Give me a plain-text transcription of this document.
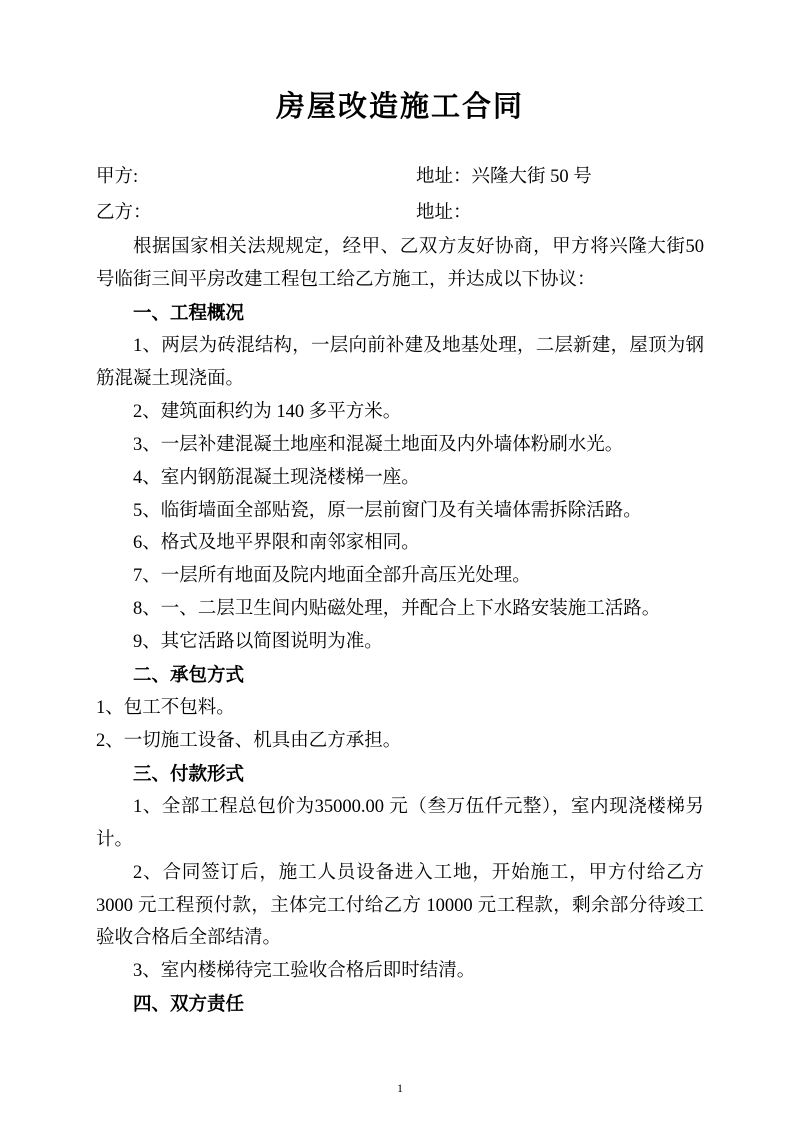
房屋改造施工合同
甲方:	地址：兴隆大街 50 号
乙方：	地址：

根据国家相关法规规定，经甲、乙双方友好协商，甲方将兴隆大街50号临街三间平房改建工程包工给乙方施工，并达成以下协议：

一、工程概况

1、两层为砖混结构，一层向前补建及地基处理，二层新建，屋顶为钢筋混凝土现浇面。

2、建筑面积约为 140 多平方米。

3、一层补建混凝土地座和混凝土地面及内外墙体粉刷水光。

4、室内钢筋混凝土现浇楼梯一座。

5、临街墙面全部贴瓷，原一层前窗门及有关墙体需拆除活路。

6、格式及地平界限和南邻家相同。

7、一层所有地面及院内地面全部升高压光处理。

8、一、二层卫生间内贴磁处理，并配合上下水路安装施工活路。

9、其它活路以简图说明为准。

二、承包方式

1、包工不包料。

2、一切施工设备、机具由乙方承担。

三、付款形式

1、全部工程总包价为35000.00 元（叁万伍仟元整），室内现浇楼梯另计。

2、合同签订后，施工人员设备进入工地，开始施工，甲方付给乙方3000 元工程预付款，主体完工付给乙方 10000 元工程款，剩余部分待竣工验收合格后全部结清。

3、室内楼梯待完工验收合格后即时结清。

四、双方责任

1
